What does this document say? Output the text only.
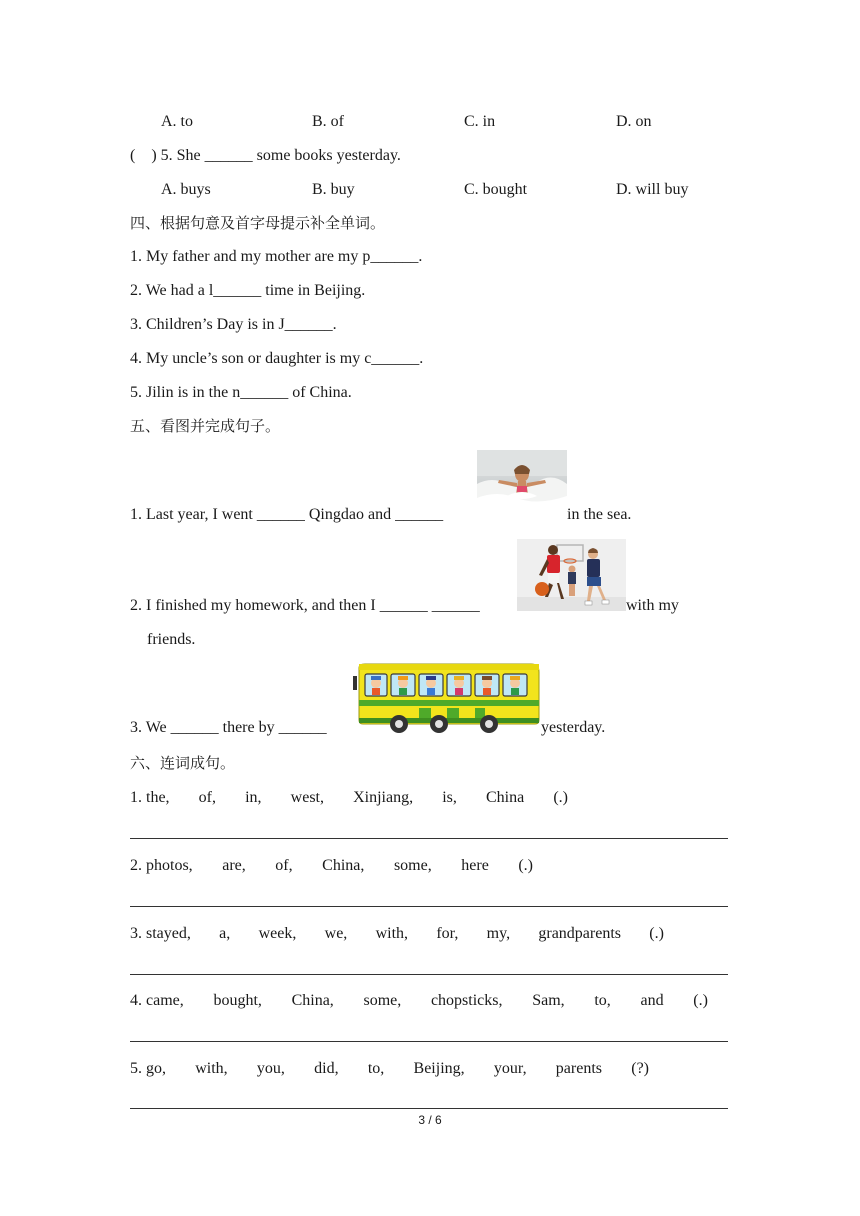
A. to	B. of	C. in	D. on
(    ) 5. She ______ some books yesterday.
A. buys	B. buy	C. bought	D. will buy
四、根据句意及首字母提示补全单词。
1. My father and my mother are my p______.
2. We had a l______ time in Beijing.
3. Children’s Day is in J______.
4. My uncle’s son or daughter is my c______.
5. Jilin is in the n______ of China.
五、看图并完成句子。
1. Last year, I went ______ Qingdao and ______	in the sea.
2. I finished my homework, and then I ______ ______	with my
friends.
3. We ______ there by ______	yesterday.
六、连词成句。
1. the, of, in, west, Xinjiang, is, China (.)
2. photos, are, of, China, some, here (.)
3. stayed, a, week, we, with, for, my, grandparents (.)
4. came, bought, China, some, chopsticks, Sam, to, and (.)
5. go, with, you, did, to, Beijing, your, parents (?)
3 / 6
